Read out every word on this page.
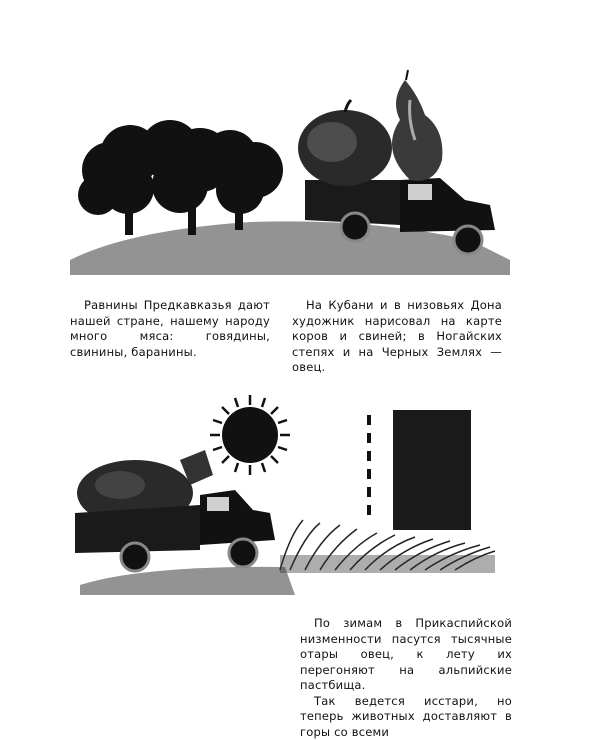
Равнины Предкавказья дают нашей стране, нашему народу много мяса: говядины, свинины, баранины.

На Кубани и в низовьях Дона художник нарисовал на карте коров и свиней; в Ногайских степях и на Черных Землях — овец.

По зимам в Прикаспийской низменности пасутся тысячные отары овец, к лету их перегоняют на альпийские пастбища.

Так ведется исстари, но теперь животных доставляют в горы со всеми
